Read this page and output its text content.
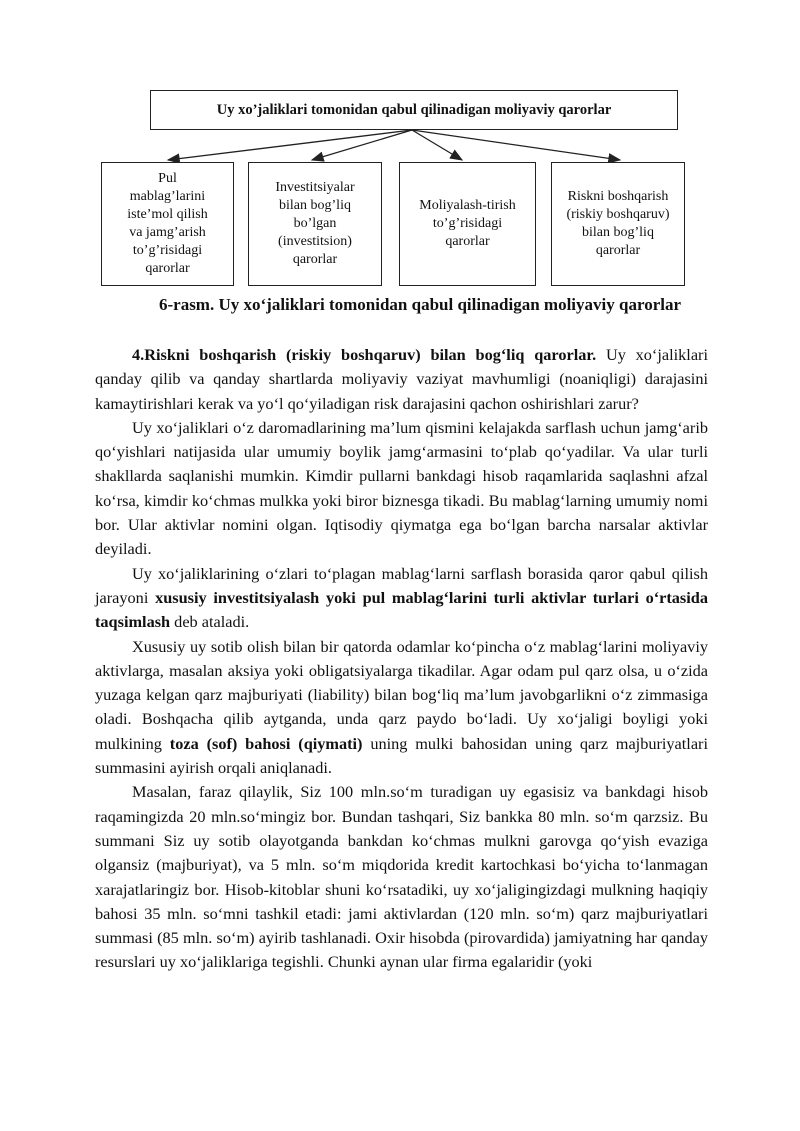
Uy xo’jaliklari tomonidan qabul qilinadigan moliyaviy qarorlar
Pul
mablag’larini
iste’mol qilish
va jamg’arish
to’g’risidagi
qarorlar
Investitsiyalar
bilan bog’liq
bo’lgan
(investitsion)
qarorlar
Moliyalash-tirish
to’g’risidagi
qarorlar
Riskni boshqarish
(riskiy boshqaruv)
bilan bog’liq
qarorlar
6-rasm. Uy xo‘jaliklari tomonidan qabul qilinadigan moliyaviy qarorlar

4.Riskni boshqarish (riskiy boshqaruv) bilan bog‘liq qarorlar. Uy xo‘jaliklari qanday qilib va qanday shartlarda moliyaviy vaziyat mavhumligi (noaniqligi) darajasini kamaytirishlari kerak va yo‘l qo‘yiladigan risk darajasini qachon oshirishlari zarur?

Uy xo‘jaliklari o‘z daromadlarining ma’lum qismini kelajakda sarflash uchun jamg‘arib qo‘yishlari natijasida ular umumiy boylik jamg‘armasini to‘plab qo‘yadilar. Va ular turli shakllarda saqlanishi mumkin. Kimdir pullarni bankdagi hisob raqamlarida saqlashni afzal ko‘rsa, kimdir ko‘chmas mulkka yoki biror biznesga tikadi. Bu mablag‘larning umumiy nomi bor. Ular aktivlar nomini olgan. Iqtisodiy qiymatga ega bo‘lgan barcha narsalar aktivlar deyiladi.

Uy xo‘jaliklarining o‘zlari to‘plagan mablag‘larni sarflash borasida qaror qabul qilish jarayoni xususiy investitsiyalash yoki pul mablag‘larini turli aktivlar turlari o‘rtasida taqsimlash deb ataladi.

Xususiy uy sotib olish bilan bir qatorda odamlar ko‘pincha o‘z mablag‘larini moliyaviy aktivlarga, masalan aksiya yoki obligatsiyalarga tikadilar. Agar odam pul qarz olsa, u o‘zida yuzaga kelgan qarz majburiyati (liability) bilan bog‘liq ma’lum javobgarlikni o‘z zimmasiga oladi. Boshqacha qilib aytganda, unda qarz paydo bo‘ladi. Uy xo‘jaligi boyligi yoki mulkining toza (sof) bahosi (qiymati) uning mulki bahosidan uning qarz majburiyatlari summasini ayirish orqali aniqlanadi.

Masalan, faraz qilaylik, Siz 100 mln.so‘m turadigan uy egasisiz va bankdagi hisob raqamingizda 20 mln.so‘mingiz bor. Bundan tashqari, Siz bankka 80 mln. so‘m qarzsiz. Bu summani Siz uy sotib olayotganda bankdan ko‘chmas mulkni garovga qo‘yish evaziga olgansiz (majburiyat), va 5 mln. so‘m miqdorida kredit kartochkasi bo‘yicha to‘lanmagan xarajatlaringiz bor. Hisob-kitoblar shuni ko‘rsatadiki, uy xo‘jaligingizdagi mulkning haqiqiy bahosi 35 mln. so‘mni tashkil etadi: jami aktivlardan (120 mln. so‘m) qarz majburiyatlari summasi (85 mln. so‘m) ayirib tashlanadi. Oxir hisobda (pirovardida) jamiyatning har qanday resurslari uy xo‘jaliklariga tegishli. Chunki aynan ular firma egalaridir (yoki
